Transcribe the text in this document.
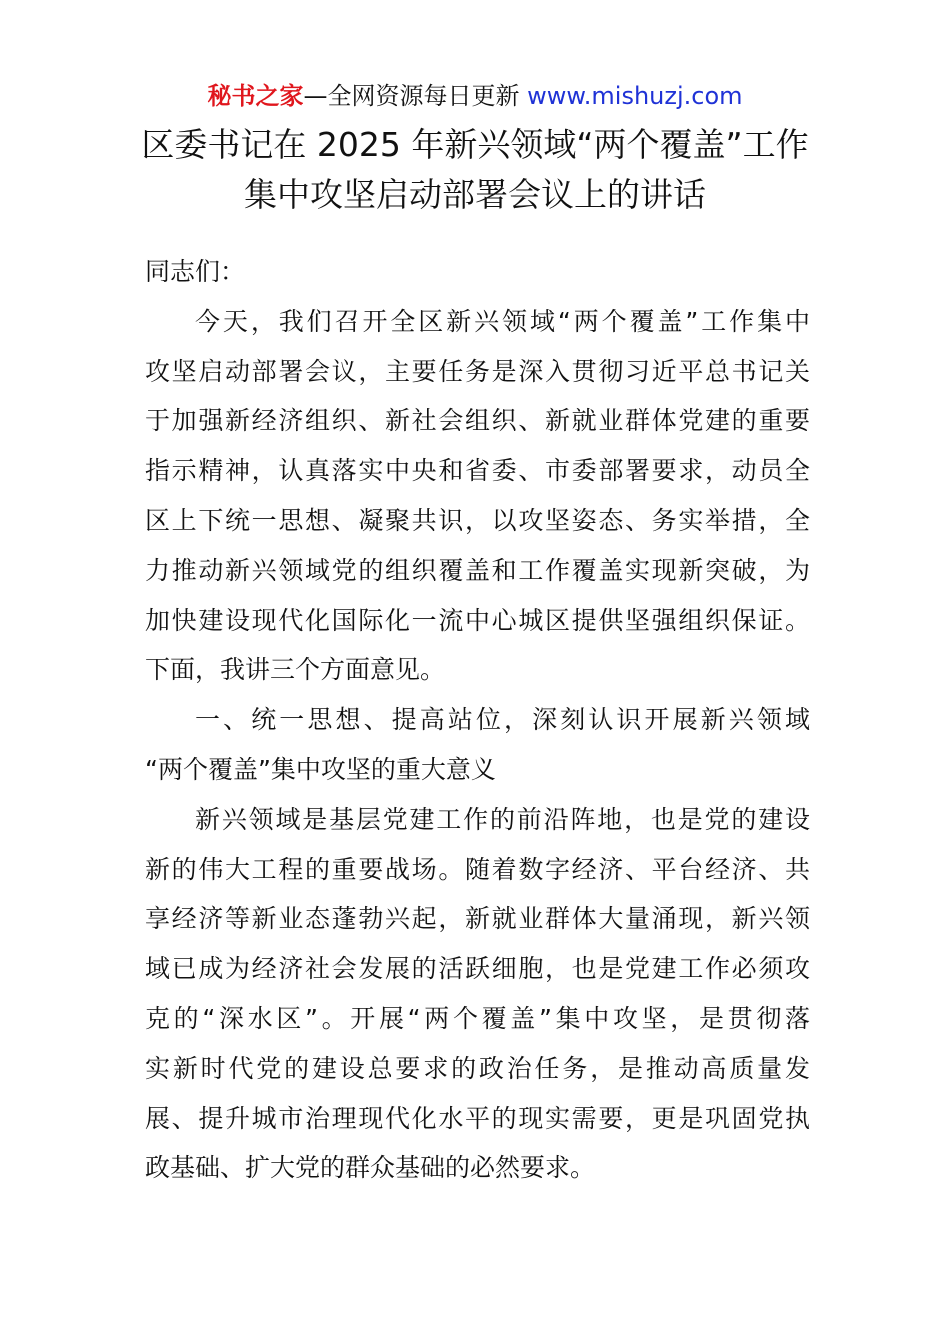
秘书之家—全网资源每日更新 www.mishuzj.com
区委书记在 2025 年新兴领域“两个覆盖”工作
集中攻坚启动部署会议上的讲话
同志们：
今天，我们召开全区新兴领域“两个覆盖”工作集中
攻坚启动部署会议，主要任务是深入贯彻习近平总书记关
于加强新经济组织、新社会组织、新就业群体党建的重要
指示精神，认真落实中央和省委、市委部署要求，动员全
区上下统一思想、凝聚共识，以攻坚姿态、务实举措，全
力推动新兴领域党的组织覆盖和工作覆盖实现新突破，为
加快建设现代化国际化一流中心城区提供坚强组织保证。
下面，我讲三个方面意见。
一、统一思想、提高站位，深刻认识开展新兴领域
“两个覆盖”集中攻坚的重大意义
新兴领域是基层党建工作的前沿阵地，也是党的建设
新的伟大工程的重要战场。随着数字经济、平台经济、共
享经济等新业态蓬勃兴起，新就业群体大量涌现，新兴领
域已成为经济社会发展的活跃细胞，也是党建工作必须攻
克的“深水区”。开展“两个覆盖”集中攻坚，是贯彻落
实新时代党的建设总要求的政治任务，是推动高质量发
展、提升城市治理现代化水平的现实需要，更是巩固党执
政基础、扩大党的群众基础的必然要求。
